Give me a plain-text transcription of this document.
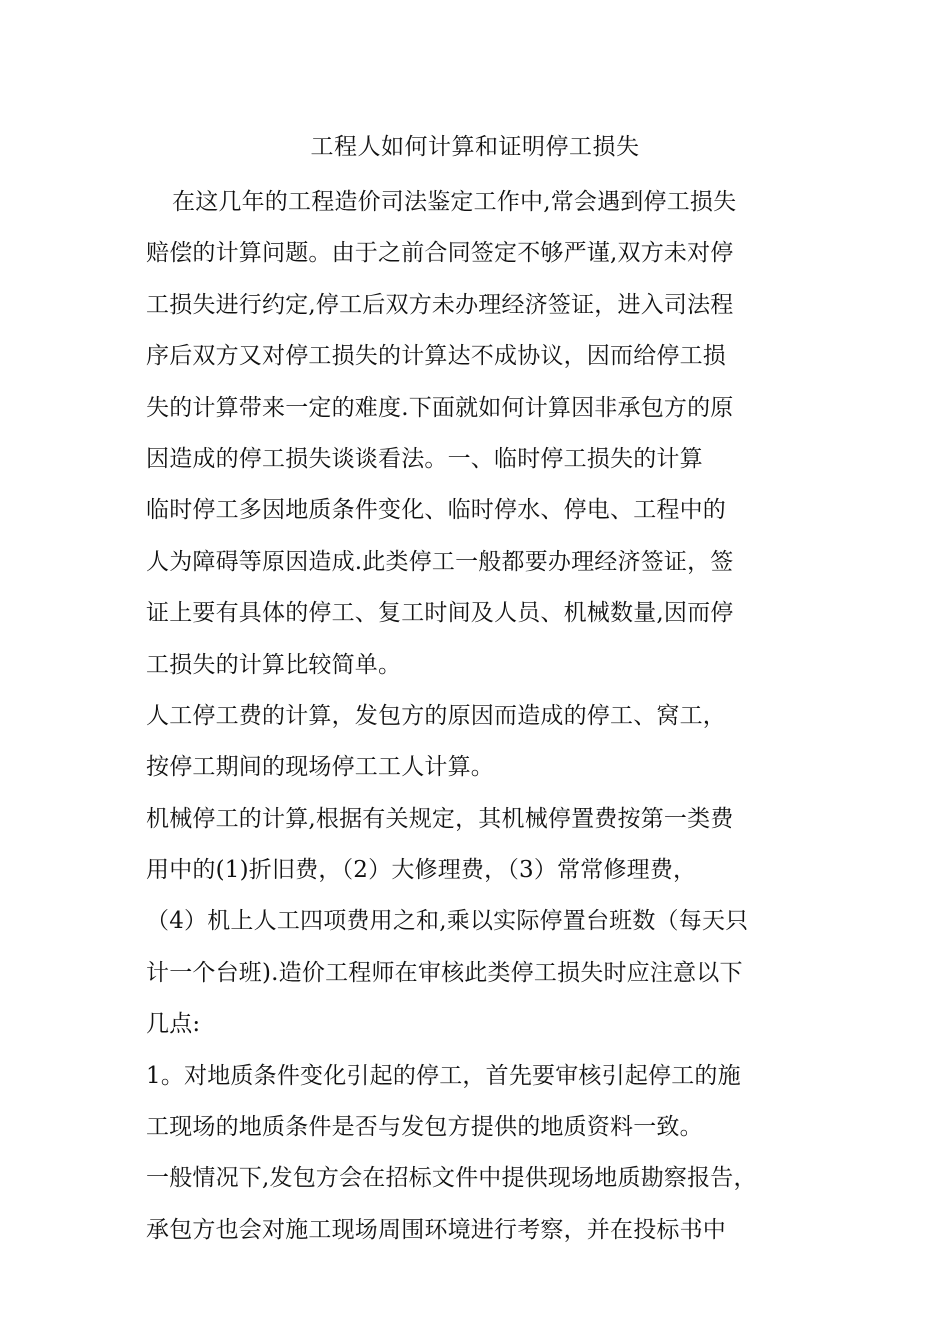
工程人如何计算和证明停工损失
在这几年的工程造价司法鉴定工作中,常会遇到停工损失
赔偿的计算问题。由于之前合同签定不够严谨,双方未对停
工损失进行约定,停工后双方未办理经济签证，进入司法程
序后双方又对停工损失的计算达不成协议，因而给停工损
失的计算带来一定的难度.下面就如何计算因非承包方的原
因造成的停工损失谈谈看法。一、临时停工损失的计算
临时停工多因地质条件变化、临时停水、停电、工程中的
人为障碍等原因造成.此类停工一般都要办理经济签证，签
证上要有具体的停工、复工时间及人员、机械数量,因而停
工损失的计算比较简单。
人工停工费的计算，发包方的原因而造成的停工、窝工，
按停工期间的现场停工工人计算。
机械停工的计算,根据有关规定，其机械停置费按第一类费
用中的(1)折旧费，（2）大修理费，（3）常常修理费，
（4）机上人工四项费用之和,乘以实际停置台班数（每天只
计一个台班).造价工程师在审核此类停工损失时应注意以下
几点:
1。对地质条件变化引起的停工，首先要审核引起停工的施
工现场的地质条件是否与发包方提供的地质资料一致。
一般情况下,发包方会在招标文件中提供现场地质勘察报告，
承包方也会对施工现场周围环境进行考察，并在投标书中
